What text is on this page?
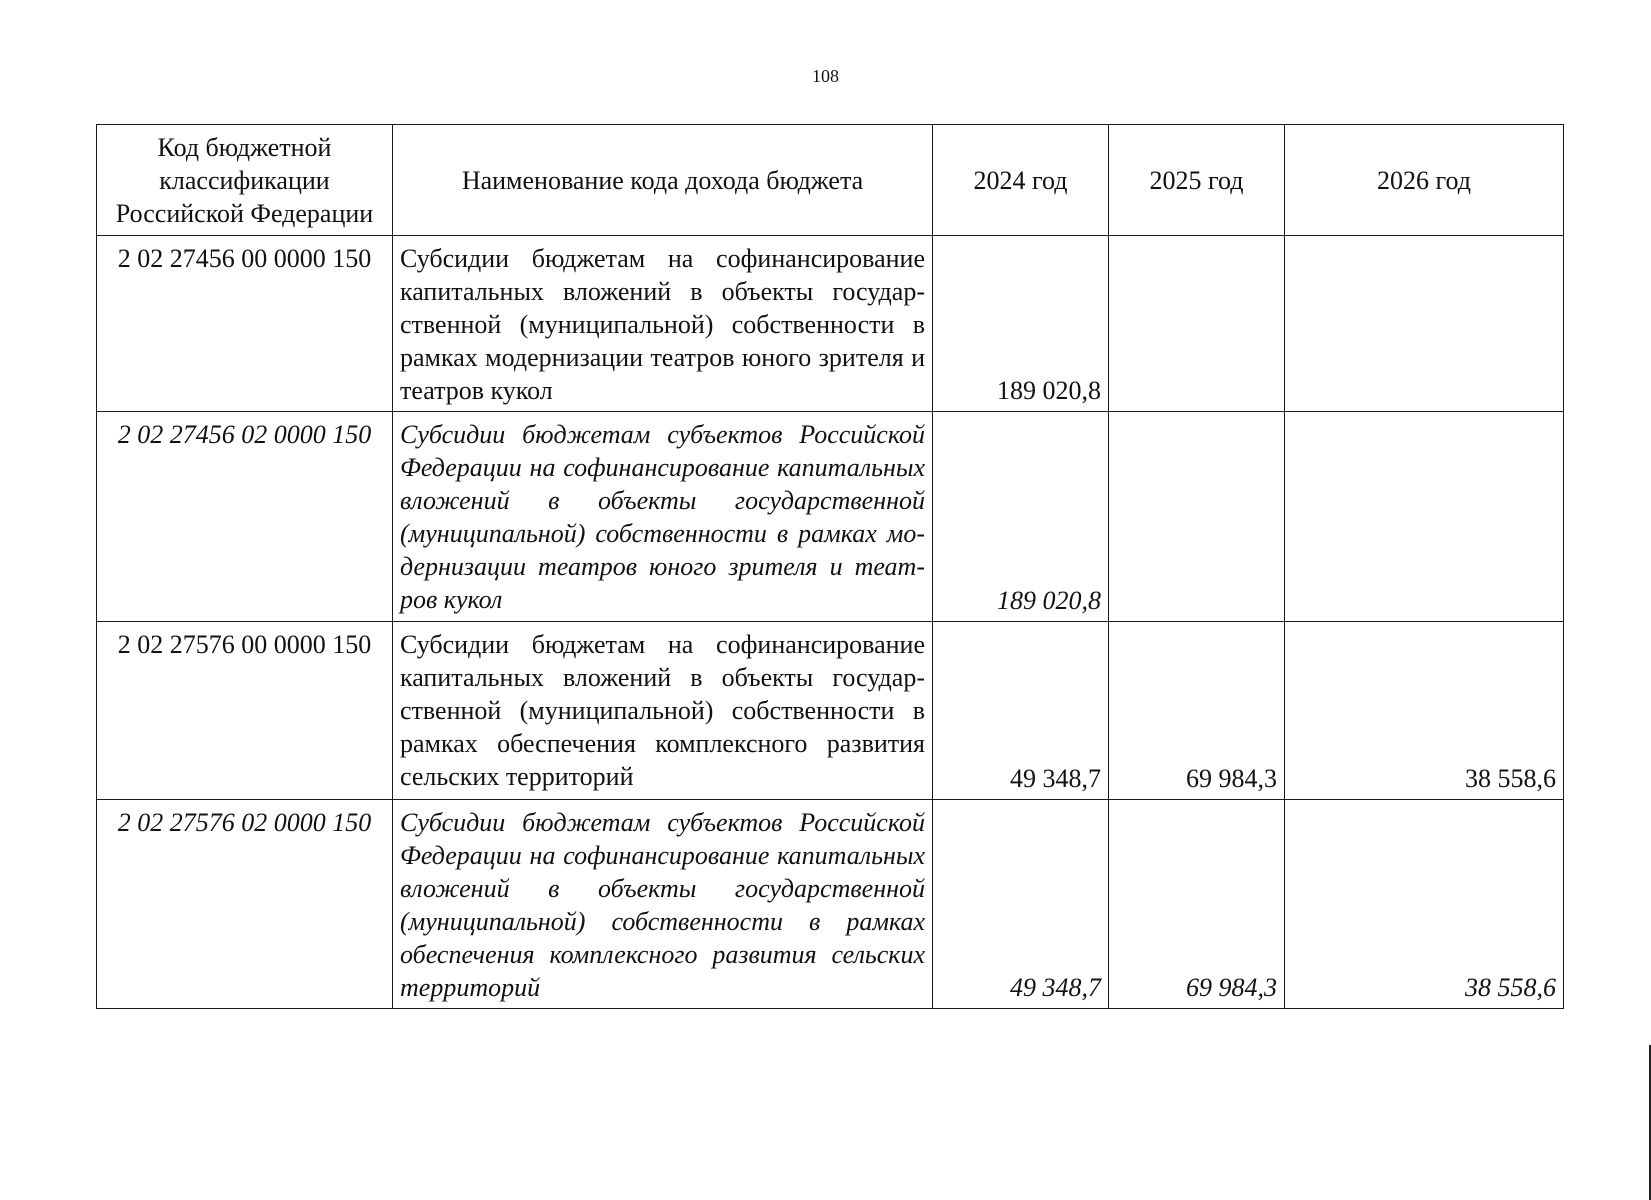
108
Код бюджетной классификации Российской Федерации	Наименование кода дохода бюджета	2024 год	2025 год	2026 год
2 02 27456 00 0000 150	Субсидии бюджетам на софинансирование капитальных вложений в объекты государственной (муниципальной) собственности в рамках модернизации театров юного зрителя и театров кукол	189 020,8		
2 02 27456 02 0000 150	Субсидии бюджетам субъектов Российской Федерации на софинансирование капитальных вложений в объекты государственной (муниципальной) собственности в рамках модернизации театров юного зрителя и театров кукол	189 020,8		
2 02 27576 00 0000 150	Субсидии бюджетам на софинансирование капитальных вложений в объекты государственной (муниципальной) собственности в рамках обеспечения комплексного развития сельских территорий	49 348,7	69 984,3	38 558,6
2 02 27576 02 0000 150	Субсидии бюджетам субъектов Российской Федерации на софинансирование капитальных вложений в объекты государственной (муниципальной) собственности в рамках обеспечения комплексного развития сельских территорий	49 348,7	69 984,3	38 558,6
